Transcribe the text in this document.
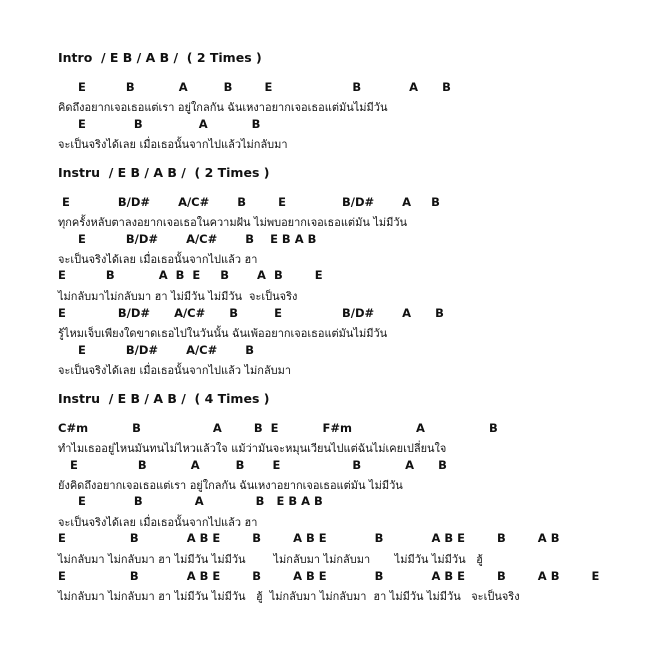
Intro  / E B / A B /  ( 2 Times )
E          B           A         B        E                    B            A      B
คิดถึงอยากเจอเธอแต่เรา อยู่ใกลกัน ฉันเหงาอยากเจอเธอแต่มันไม่มีวัน
E            B              A           B
จะเป็นจริงได้เลย เมื่อเธอนั้นจากไปแล้วไม่กลับมา
Instru  / E B / A B /  ( 2 Times )
E            B/D#       A/C#       B        E              B/D#       A     B
ทุกครั้งหลับตาลงอยากเจอเธอในความฝัน ไม่พบอยากเจอเธอแต่มัน ไม่มีวัน
E          B/D#       A/C#       B    E B A B
จะเป็นจริงได้เลย เมื่อเธอนั้นจากไปแล้ว ฮา
E          B           A  B  E     B       A  B        E
ไม่กลับมาไม่กลับมา ฮา ไม่มีวัน ไม่มีวัน  จะเป็นจริง
E             B/D#      A/C#      B         E               B/D#       A      B
รู้ไหมเจ็บเพียงใดขาดเธอไปในวันนั้น ฉันเพ้ออยากเจอเธอแต่มันไม่มีวัน
E          B/D#       A/C#       B
จะเป็นจริงได้เลย เมื่อเธอนั้นจากไปแล้ว ไม่กลับมา
Instru  / E B / A B /  ( 4 Times )
C#m           B                  A        B  E           F#m                A                B
ทำไมเธออยู่ไหนมันทนไม่ไหวแล้วใจ แม้ว่ามันจะหมุนเวียนไปแต่ฉันไม่เคยเปลี่ยนใจ
E               B           A         B       E                  B           A      B
ยังคิดถึงอยากเจอเธอแต่เรา อยู่ใกลกัน ฉันเหงาอยากเจอเธอแต่มัน ไม่มีวัน
E            B             A             B   E B A B
จะเป็นจริงได้เลย เมื่อเธอนั้นจากไปแล้ว ฮา
E                B            A B E        B        A B E            B            A B E        B        A B
ไม่กลับมา ไม่กลับมา ฮา ไม่มีวัน ไม่มีวัน        ไม่กลับมา ไม่กลับมา       ไม่มีวัน ไม่มีวัน   ฮู้
E                B            A B E        B        A B E            B            A B E        B        A B        E
ไม่กลับมา ไม่กลับมา ฮา ไม่มีวัน ไม่มีวัน   ฮู้  ไม่กลับมา ไม่กลับมา  ฮา ไม่มีวัน ไม่มีวัน   จะเป็นจริง
